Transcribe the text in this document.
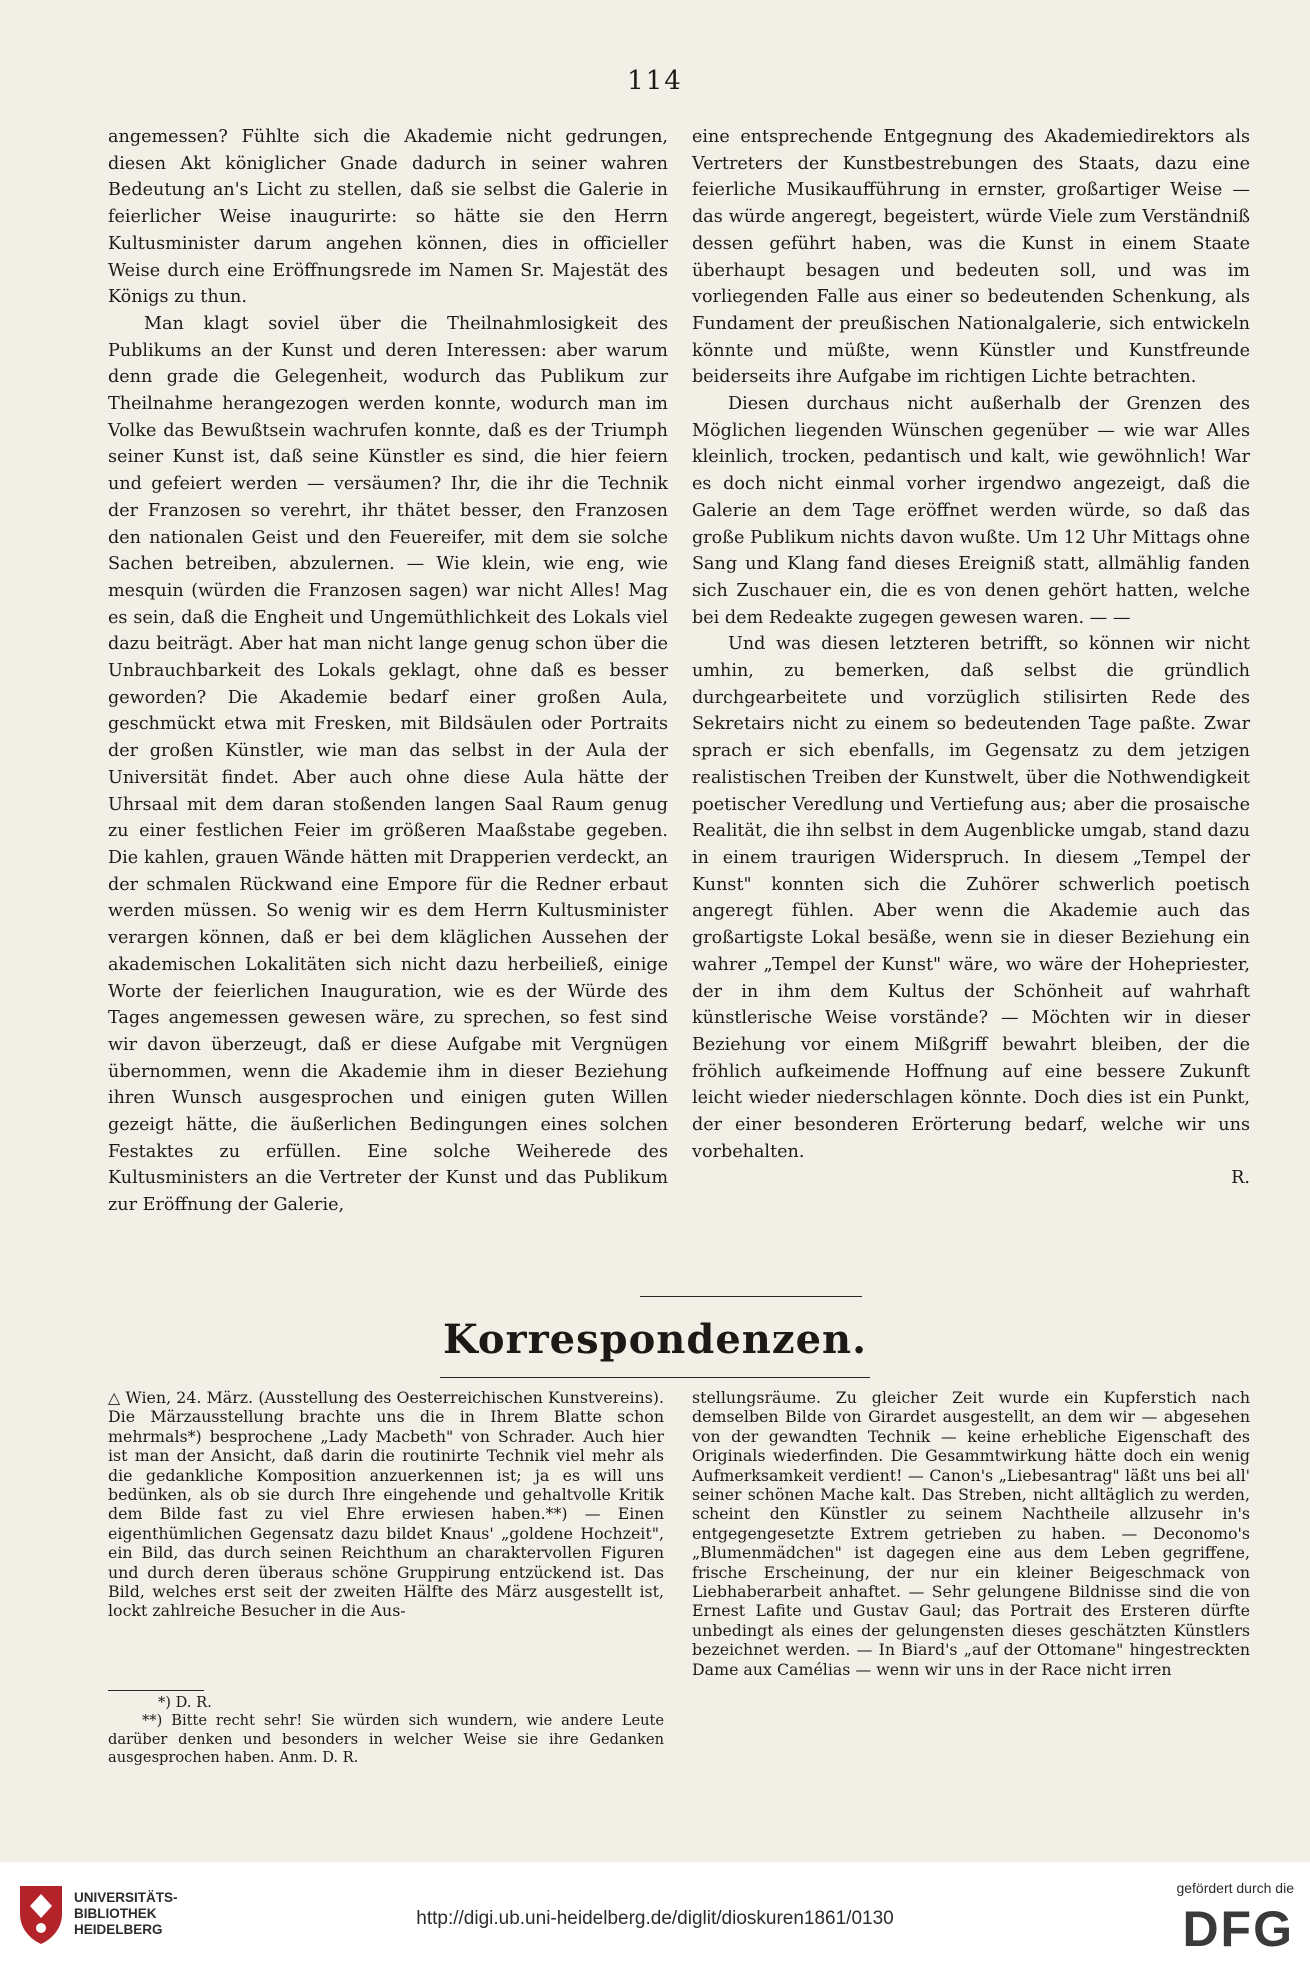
114

angemessen? Fühlte sich die Akademie nicht gedrungen, diesen Akt königlicher Gnade dadurch in seiner wahren Bedeutung an's Licht zu stellen, daß sie selbst die Galerie in feierlicher Weise inaugurirte: so hätte sie den Herrn Kultusminister darum angehen können, dies in officieller Weise durch eine Eröffnungsrede im Namen Sr. Majestät des Königs zu thun.

Man klagt soviel über die Theilnahmlosigkeit des Publikums an der Kunst und deren Interessen: aber warum denn grade die Gelegenheit, wodurch das Publikum zur Theilnahme herangezogen werden konnte, wodurch man im Volke das Bewußtsein wachrufen konnte, daß es der Triumph seiner Kunst ist, daß seine Künstler es sind, die hier feiern und gefeiert werden — versäumen? Ihr, die ihr die Technik der Franzosen so verehrt, ihr thätet besser, den Franzosen den nationalen Geist und den Feuereifer, mit dem sie solche Sachen betreiben, abzulernen. — Wie klein, wie eng, wie mesquin (würden die Franzosen sagen) war nicht Alles! Mag es sein, daß die Engheit und Ungemüthlichkeit des Lokals viel dazu beiträgt. Aber hat man nicht lange genug schon über die Unbrauchbarkeit des Lokals geklagt, ohne daß es besser geworden? Die Akademie bedarf einer großen Aula, geschmückt etwa mit Fresken, mit Bildsäulen oder Portraits der großen Künstler, wie man das selbst in der Aula der Universität findet. Aber auch ohne diese Aula hätte der Uhrsaal mit dem daran stoßenden langen Saal Raum genug zu einer festlichen Feier im größeren Maaßstabe gegeben. Die kahlen, grauen Wände hätten mit Drapperien verdeckt, an der schmalen Rückwand eine Empore für die Redner erbaut werden müssen. So wenig wir es dem Herrn Kultusminister verargen können, daß er bei dem kläglichen Aussehen der akademischen Lokalitäten sich nicht dazu herbeiließ, einige Worte der feierlichen Inauguration, wie es der Würde des Tages angemessen gewesen wäre, zu sprechen, so fest sind wir davon überzeugt, daß er diese Aufgabe mit Vergnügen übernommen, wenn die Akademie ihm in dieser Beziehung ihren Wunsch ausgesprochen und einigen guten Willen gezeigt hätte, die äußerlichen Bedingungen eines solchen Festaktes zu erfüllen. Eine solche Weiherede des Kultusministers an die Vertreter der Kunst und das Publikum zur Eröffnung der Galerie,

eine entsprechende Entgegnung des Akademiedirektors als Vertreters der Kunstbestrebungen des Staats, dazu eine feierliche Musikaufführung in ernster, großartiger Weise — das würde angeregt, begeistert, würde Viele zum Verständniß dessen geführt haben, was die Kunst in einem Staate überhaupt besagen und bedeuten soll, und was im vorliegenden Falle aus einer so bedeutenden Schenkung, als Fundament der preußischen Nationalgalerie, sich entwickeln könnte und müßte, wenn Künstler und Kunstfreunde beiderseits ihre Aufgabe im richtigen Lichte betrachten.

Diesen durchaus nicht außerhalb der Grenzen des Möglichen liegenden Wünschen gegenüber — wie war Alles kleinlich, trocken, pedantisch und kalt, wie gewöhnlich! War es doch nicht einmal vorher irgendwo angezeigt, daß die Galerie an dem Tage eröffnet werden würde, so daß das große Publikum nichts davon wußte. Um 12 Uhr Mittags ohne Sang und Klang fand dieses Ereigniß statt, allmählig fanden sich Zuschauer ein, die es von denen gehört hatten, welche bei dem Redeakte zugegen gewesen waren. — —

Und was diesen letzteren betrifft, so können wir nicht umhin, zu bemerken, daß selbst die gründlich durchgearbeitete und vorzüglich stilisirten Rede des Sekretairs nicht zu einem so bedeutenden Tage paßte. Zwar sprach er sich ebenfalls, im Gegensatz zu dem jetzigen realistischen Treiben der Kunstwelt, über die Nothwendigkeit poetischer Veredlung und Vertiefung aus; aber die prosaische Realität, die ihn selbst in dem Augenblicke umgab, stand dazu in einem traurigen Widerspruch. In diesem „Tempel der Kunst" konnten sich die Zuhörer schwerlich poetisch angeregt fühlen. Aber wenn die Akademie auch das großartigste Lokal besäße, wenn sie in dieser Beziehung ein wahrer „Tempel der Kunst" wäre, wo wäre der Hohepriester, der in ihm dem Kultus der Schönheit auf wahrhaft künstlerische Weise vorstände? — Möchten wir in dieser Beziehung vor einem Mißgriff bewahrt bleiben, der die fröhlich aufkeimende Hoffnung auf eine bessere Zukunft leicht wieder niederschlagen könnte. Doch dies ist ein Punkt, der einer besonderen Erörterung bedarf, welche wir uns vorbehalten.

R.

Korrespondenzen.

△ Wien, 24. März. (Ausstellung des Oesterreichischen Kunstvereins). Die Märzausstellung brachte uns die in Ihrem Blatte schon mehrmals*) besprochene „Lady Macbeth" von Schrader. Auch hier ist man der Ansicht, daß darin die routinirte Technik viel mehr als die gedankliche Komposition anzuerkennen ist; ja es will uns bedünken, als ob sie durch Ihre eingehende und gehaltvolle Kritik dem Bilde fast zu viel Ehre erwiesen haben.**) — Einen eigenthümlichen Gegensatz dazu bildet Knaus' „goldene Hochzeit", ein Bild, das durch seinen Reichthum an charaktervollen Figuren und durch deren überaus schöne Gruppirung entzückend ist. Das Bild, welches erst seit der zweiten Hälfte des März ausgestellt ist, lockt zahlreiche Besucher in die Aus-

stellungsräume. Zu gleicher Zeit wurde ein Kupferstich nach demselben Bilde von Girardet ausgestellt, an dem wir — abgesehen von der gewandten Technik — keine erhebliche Eigenschaft des Originals wiederfinden. Die Gesammtwirkung hätte doch ein wenig Aufmerksamkeit verdient! — Canon's „Liebesantrag" läßt uns bei all' seiner schönen Mache kalt. Das Streben, nicht alltäglich zu werden, scheint den Künstler zu seinem Nachtheile allzusehr in's entgegengesetzte Extrem getrieben zu haben. — Deconomo's „Blumenmädchen" ist dagegen eine aus dem Leben gegriffene, frische Erscheinung, der nur ein kleiner Beigeschmack von Liebhaberarbeit anhaftet. — Sehr gelungene Bildnisse sind die von Ernest Lafite und Gustav Gaul; das Portrait des Ersteren dürfte unbedingt als eines der gelungensten dieses geschätzten Künstlers bezeichnet werden. — In Biard's „auf der Ottomane" hingestreckten Dame aux Camélias — wenn wir uns in der Race nicht irren

*) D. R.

**) Bitte recht sehr! Sie würden sich wundern, wie andere Leute darüber denken und besonders in welcher Weise sie ihre Gedanken ausgesprochen haben. Anm. D. R.

UNIVERSITÄTS-
BIBLIOTHEK
HEIDELBERG
http://digi.ub.uni-heidelberg.de/diglit/dioskuren1861/0130
gefördert durch die
DFG
